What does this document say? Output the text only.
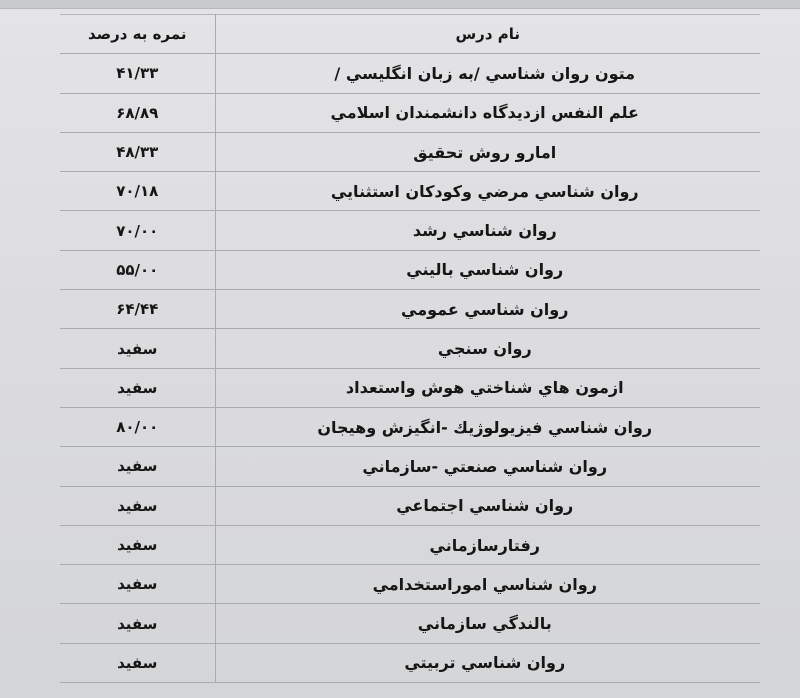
نام درس	نمره به درصد
متون روان شناسي /به زبان انگليسي /	۴۱/۳۳
علم النفس ازديدگاه دانشمندان اسلامي	۶۸/۸۹
امارو روش تحقيق	۴۸/۳۳
روان شناسي مرضي وكودكان استثنايي	۷۰/۱۸
روان شناسي رشد	۷۰/۰۰
روان شناسي باليني	۵۵/۰۰
روان شناسي عمومي	۶۴/۴۴
روان سنجي	سفيد
ازمون هاي شناختي هوش واستعداد	سفيد
روان شناسي فيزيولوژيك -انگيزش وهيجان	۸۰/۰۰
روان شناسي صنعتي -سازماني	سفيد
روان شناسي اجتماعي	سفيد
رفتارسازماني	سفيد
روان شناسي اموراستخدامي	سفيد
بالندگي سازماني	سفيد
روان شناسي تربيتي	سفيد
